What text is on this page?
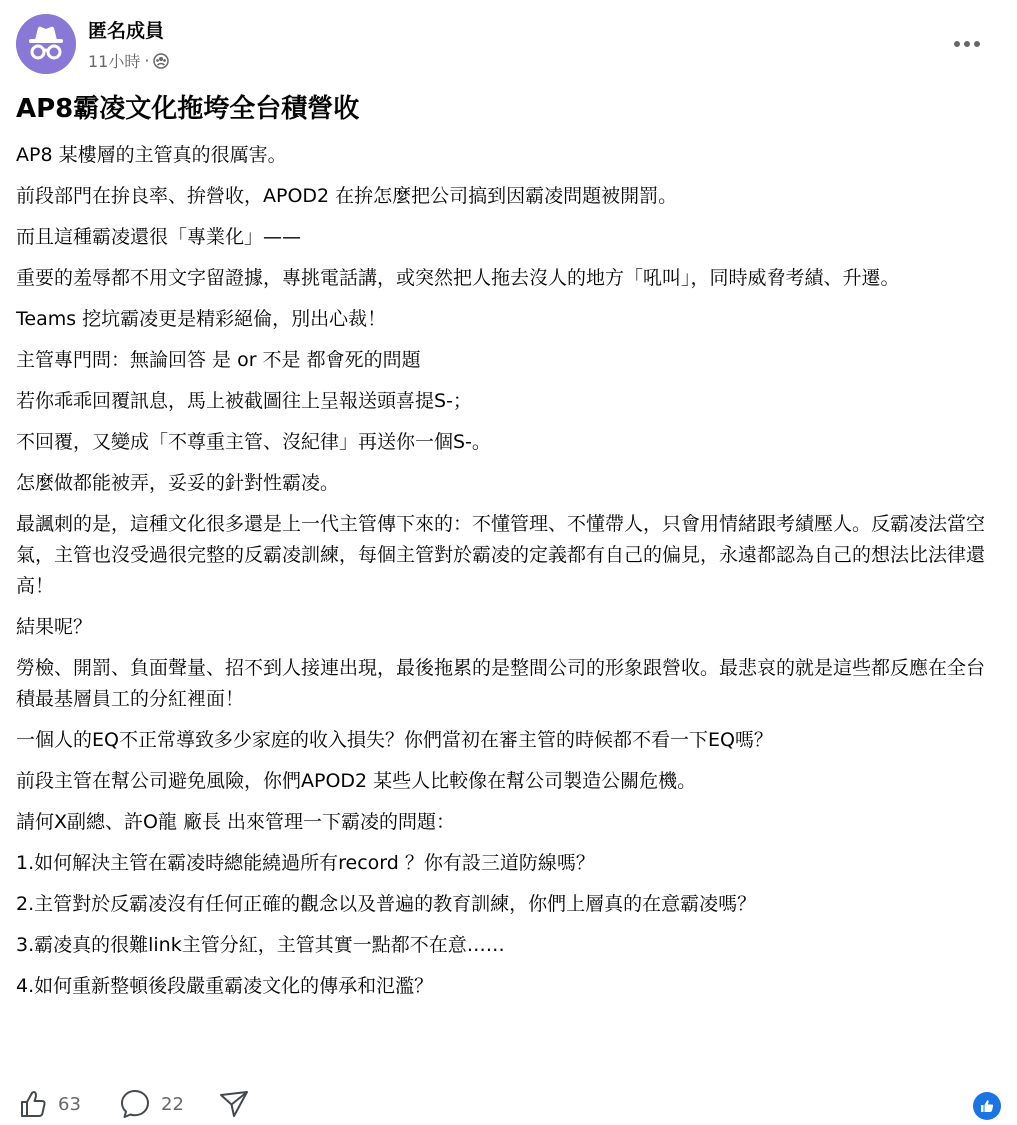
匿名成員
11小時 ·
AP8霸凌文化拖垮全台積營收

AP8 某樓層的主管真的很厲害。

前段部門在拚良率、拚營收，APOD2 在拚怎麼把公司搞到因霸凌問題被開罰。

而且這種霸凌還很「專業化」——

重要的羞辱都不用文字留證據，專挑電話講，或突然把人拖去沒人的地方「吼叫」，同時威脅考績、升遷。

Teams 挖坑霸凌更是精彩絕倫，別出心裁！

主管專門問：無論回答 是 or 不是 都會死的問題

若你乖乖回覆訊息，馬上被截圖往上呈報送頭喜提S-；

不回覆，又變成「不尊重主管、沒紀律」再送你一個S-。

怎麼做都能被弄，妥妥的針對性霸凌。

最諷刺的是，這種文化很多還是上一代主管傳下來的：不懂管理、不懂帶人，只會用情緒跟考績壓人。反霸凌法當空氣，主管也沒受過很完整的反霸凌訓練，每個主管對於霸凌的定義都有自己的偏見，永遠都認為自己的想法比法律還高！

結果呢？

勞檢、開罰、負面聲量、招不到人接連出現，最後拖累的是整間公司的形象跟營收。最悲哀的就是這些都反應在全台積最基層員工的分紅裡面！

一個人的EQ不正常導致多少家庭的收入損失？你們當初在審主管的時候都不看一下EQ嗎？

前段主管在幫公司避免風險，你們APOD2 某些人比較像在幫公司製造公關危機。

請何X副總、許O龍 廠長 出來管理一下霸凌的問題：

1.如何解決主管在霸凌時總能繞過所有record ？你有設三道防線嗎？

2.主管對於反霸凌沒有任何正確的觀念以及普遍的教育訓練，你們上層真的在意霸凌嗎？

3.霸凌真的很難link主管分紅，主管其實一點都不在意……

4.如何重新整頓後段嚴重霸凌文化的傳承和氾濫？

63	22
